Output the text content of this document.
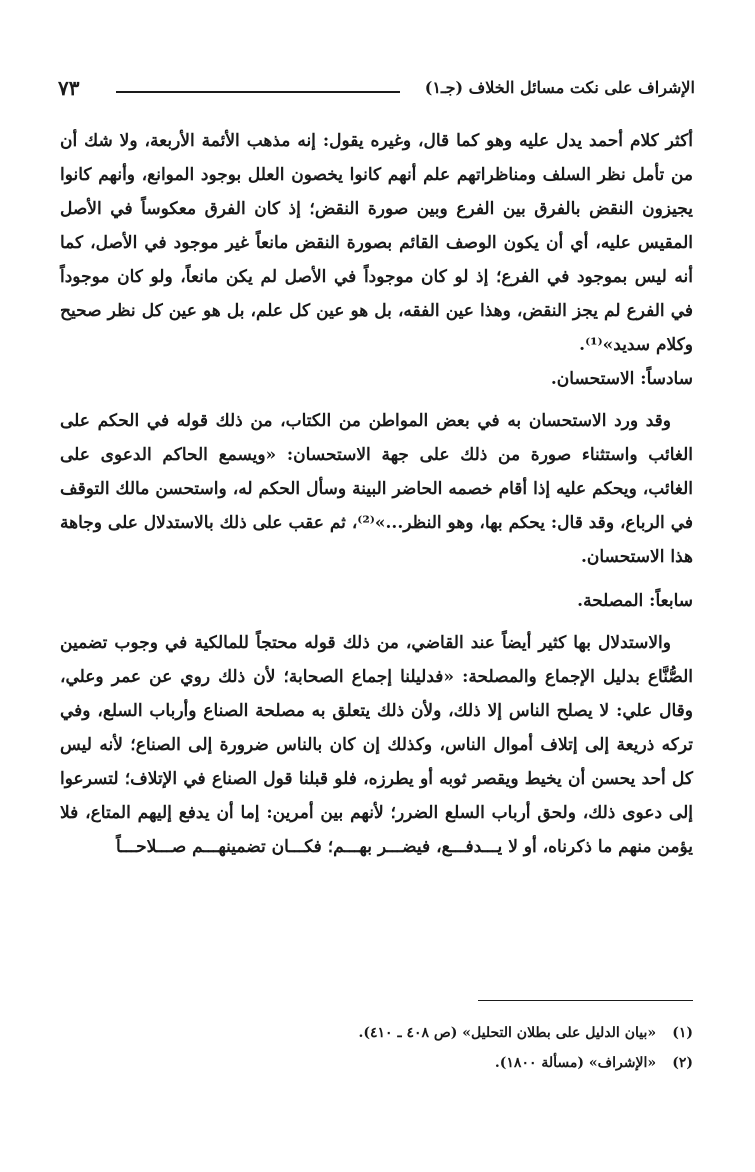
الإشراف على نكت مسائل الخلاف (جـ١)
٧٣

أكثر كلام أحمد يدل عليه وهو كما قال، وغيره يقول: إنه مذهب الأئمة الأربعة، ولا شك أن من تأمل نظر السلف ومناظراتهم علم أنهم كانوا يخصون العلل بوجود الموانع، وأنهم كانوا يجيزون النقض بالفرق بين الفرع وبين صورة النقض؛ إذ كان الفرق معكوساً في الأصل المقيس عليه، أي أن يكون الوصف القائم بصورة النقض مانعاً غير موجود في الأصل، كما أنه ليس بموجود في الفرع؛ إذ لو كان موجوداً في الأصل لم يكن مانعاً، ولو كان موجوداً في الفرع لم يجز النقض، وهذا عين الفقه، بل هو عين كل علم، بل هو عين كل نظر صحيح وكلام سديد»⁽¹⁾.

سادساً: الاستحسان.

وقد ورد الاستحسان به في بعض المواطن من الكتاب، من ذلك قوله في الحكم على الغائب واستثناء صورة من ذلك على جهة الاستحسان: «ويسمع الحاكم الدعوى على الغائب، ويحكم عليه إذا أقام خصمه الحاضر البينة وسأل الحكم له، واستحسن مالك التوقف في الرباع، وقد قال: يحكم بها، وهو النظر...»⁽²⁾، ثم عقب على ذلك بالاستدلال على وجاهة هذا الاستحسان.

سابعاً: المصلحة.

والاستدلال بها كثير أيضاً عند القاضي، من ذلك قوله محتجاً للمالكية في وجوب تضمين الصُّنَّاع بدليل الإجماع والمصلحة: «فدليلنا إجماع الصحابة؛ لأن ذلك روي عن عمر وعلي، وقال علي: لا يصلح الناس إلا ذلك، ولأن ذلك يتعلق به مصلحة الصناع وأرباب السلع، وفي تركه ذريعة إلى إتلاف أموال الناس، وكذلك إن كان بالناس ضرورة إلى الصناع؛ لأنه ليس كل أحد يحسن أن يخيط ويقصر ثوبه أو يطرزه، فلو قبلنا قول الصناع في الإتلاف؛ لتسرعوا إلى دعوى ذلك، ولحق أرباب السلع الضرر؛ لأنهم بين أمرين: إما أن يدفع إليهم المتاع، فلا يؤمن منهم ما ذكرناه، أو لا يـــدفـــع، فيضـــر بهـــم؛ فكـــان تضمينهـــم صـــلاحـــاً

(١) «بيان الدليل على بطلان التحليل» (ص ٤٠٨ ـ ٤١٠).

(٢) «الإشراف» (مسألة ١٨٠٠).
